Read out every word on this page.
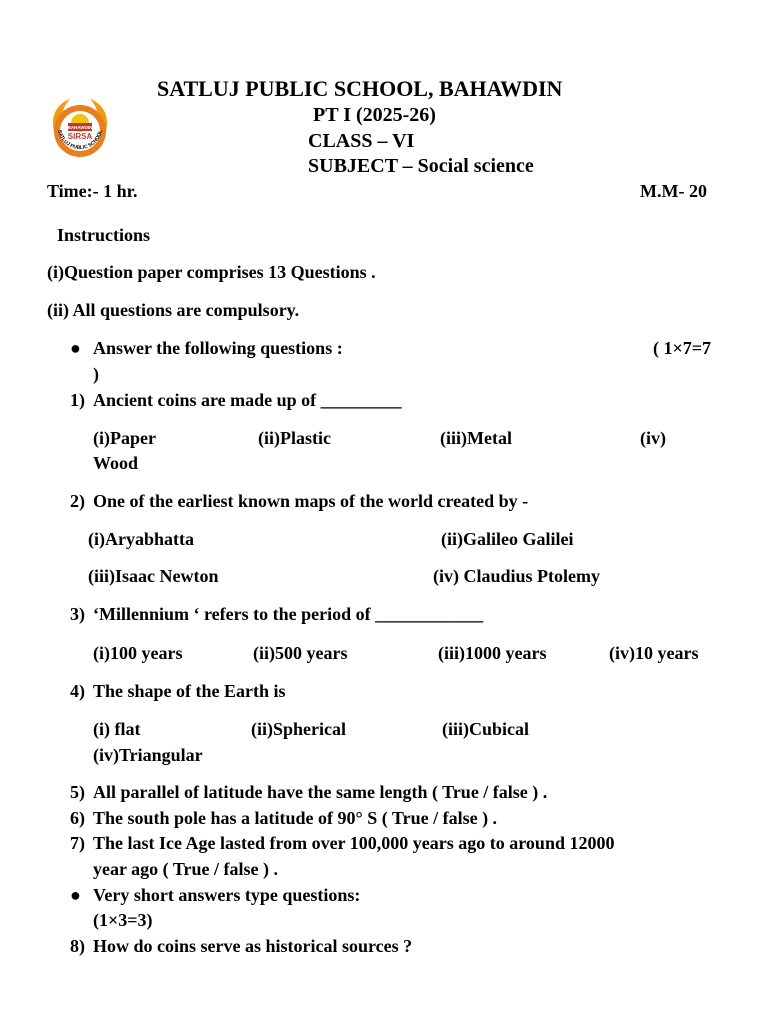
BAHAWDIN
SIRSA
SATLUJ PUBLIC SCHOOL
SATLUJ PUBLIC SCHOOL, BAHAWDIN
PT I (2025-26)
CLASS – VI
SUBJECT – Social science
Time:- 1 hr.	M.M- 20
Instructions
(i)Question paper comprises 13 Questions .
(ii) All questions are compulsory.
● Answer the following questions :	( 1×7=7
)
1) Ancient coins are made up of _________
(i)Paper	(ii)Plastic	(iii)Metal	(iv)
Wood
2) One of the earliest known maps of the world created by -
(i)Aryabhatta	(ii)Galileo Galilei
(iii)Isaac Newton	(iv) Claudius Ptolemy
3) ‘Millennium ‘ refers to the period of ____________
(i)100 years	(ii)500 years	(iii)1000 years	(iv)10 years
4) The shape of the Earth is
(i) flat	(ii)Spherical	(iii)Cubical
(iv)Triangular
5) All parallel of latitude have the same length ( True / false ) .
6) The south pole has a latitude of 90° S ( True / false ) .
7) The last Ice Age lasted from over 100,000 years ago to around 12000
year ago ( True / false ) .
● Very short answers type questions:
(1×3=3)
8) How do coins serve as historical sources ?
